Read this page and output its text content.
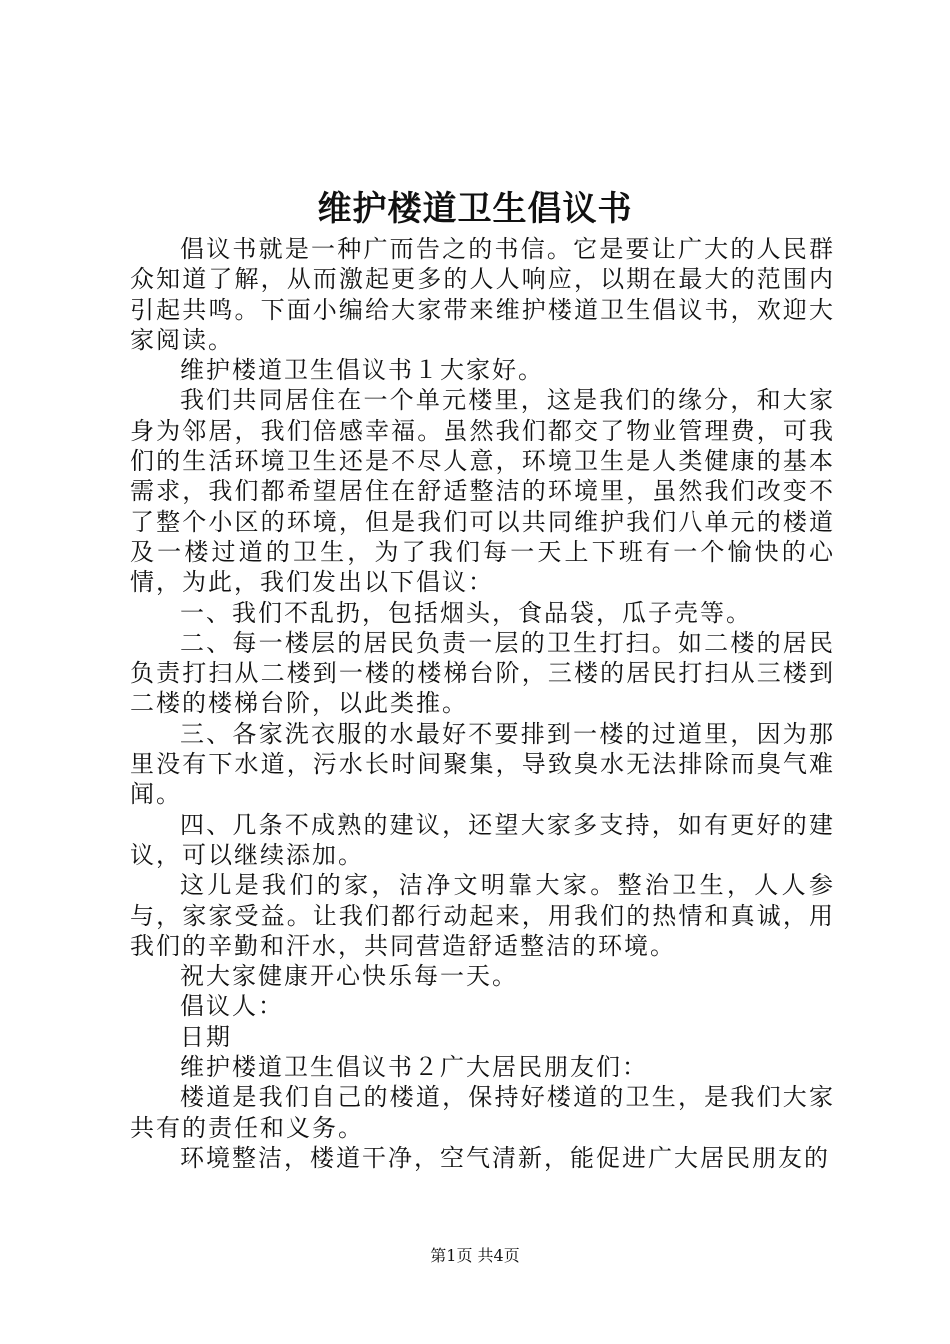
维护楼道卫生倡议书

倡议书就是一种广而告之的书信。它是要让广大的人民群众知道了解，从而激起更多的人人响应，以期在最大的范围内引起共鸣。下面小编给大家带来维护楼道卫生倡议书，欢迎大家阅读。

维护楼道卫生倡议书１大家好。

我们共同居住在一个单元楼里，这是我们的缘分，和大家身为邻居，我们倍感幸福。虽然我们都交了物业管理费，可我们的生活环境卫生还是不尽人意，环境卫生是人类健康的基本需求，我们都希望居住在舒适整洁的环境里，虽然我们改变不了整个小区的环境，但是我们可以共同维护我们八单元的楼道及一楼过道的卫生，为了我们每一天上下班有一个愉快的心情，为此，我们发出以下倡议：

一、我们不乱扔，包括烟头，食品袋，瓜子壳等。

二、每一楼层的居民负责一层的卫生打扫。如二楼的居民负责打扫从二楼到一楼的楼梯台阶，三楼的居民打扫从三楼到二楼的楼梯台阶，以此类推。

三、各家洗衣服的水最好不要排到一楼的过道里，因为那里没有下水道，污水长时间聚集，导致臭水无法排除而臭气难闻。

四、几条不成熟的建议，还望大家多支持，如有更好的建议，可以继续添加。

这儿是我们的家，洁净文明靠大家。整治卫生，人人参与，家家受益。让我们都行动起来，用我们的热情和真诚，用我们的辛勤和汗水，共同营造舒适整洁的环境。

祝大家健康开心快乐每一天。

倡议人：

日期

维护楼道卫生倡议书２广大居民朋友们：

楼道是我们自己的楼道，保持好楼道的卫生，是我们大家共有的责任和义务。

环境整洁，楼道干净，空气清新，能促进广大居民朋友的

第1页 共4页
